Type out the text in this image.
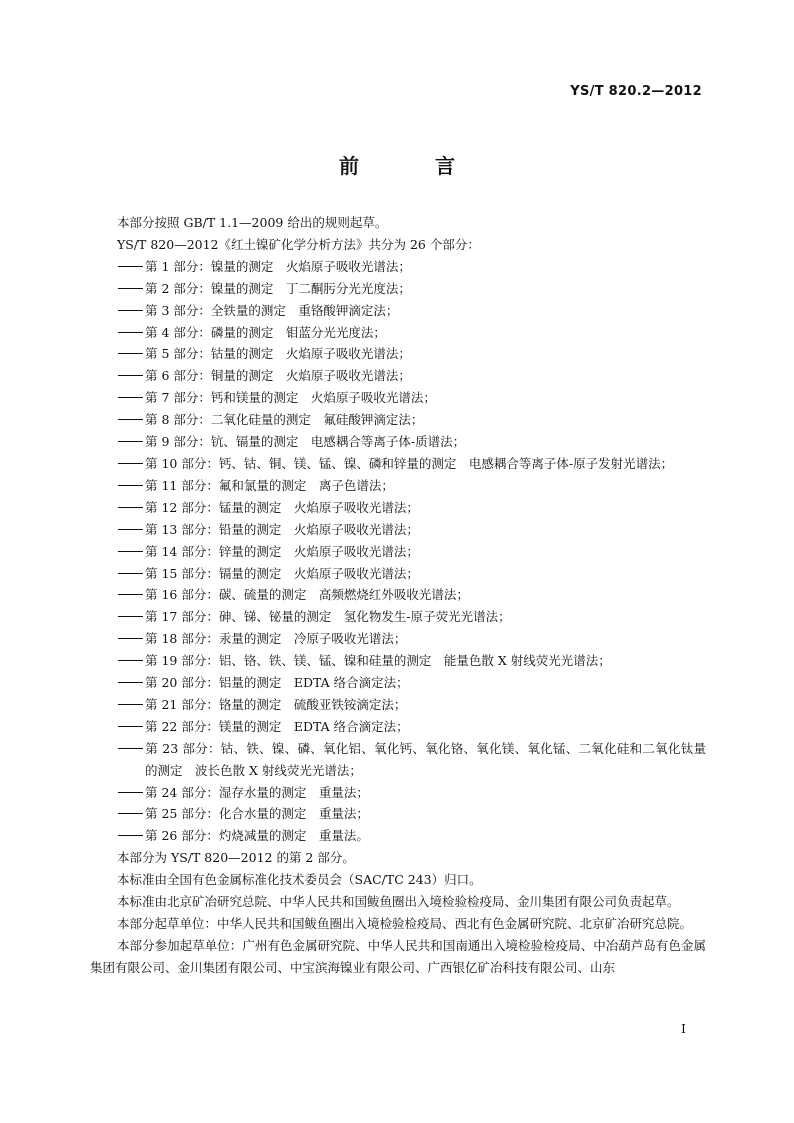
YS/T 820.2—2012
前　言

本部分按照 GB/T 1.1—2009 给出的规则起草。

YS/T 820—2012《红土镍矿化学分析方法》共分为 26 个部分：

第 1 部分：镍量的测定　火焰原子吸收光谱法；
第 2 部分：镍量的测定　丁二酮肟分光光度法；
第 3 部分：全铁量的测定　重铬酸钾滴定法；
第 4 部分：磷量的测定　钼蓝分光光度法；
第 5 部分：钴量的测定　火焰原子吸收光谱法；
第 6 部分：铜量的测定　火焰原子吸收光谱法；
第 7 部分：钙和镁量的测定　火焰原子吸收光谱法；
第 8 部分：二氧化硅量的测定　氟硅酸钾滴定法；
第 9 部分：钪、镉量的测定　电感耦合等离子体-质谱法；
第 10 部分：钙、钴、铜、镁、锰、镍、磷和锌量的测定　电感耦合等离子体-原子发射光谱法；
第 11 部分：氟和氯量的测定　离子色谱法；
第 12 部分：锰量的测定　火焰原子吸收光谱法；
第 13 部分：铅量的测定　火焰原子吸收光谱法；
第 14 部分：锌量的测定　火焰原子吸收光谱法；
第 15 部分：镉量的测定　火焰原子吸收光谱法；
第 16 部分：碳、硫量的测定　高频燃烧红外吸收光谱法；
第 17 部分：砷、锑、铋量的测定　氢化物发生-原子荧光光谱法；
第 18 部分：汞量的测定　冷原子吸收光谱法；
第 19 部分：铝、铬、铁、镁、锰、镍和硅量的测定　能量色散 X 射线荧光光谱法；
第 20 部分：铝量的测定　EDTA 络合滴定法；
第 21 部分：铬量的测定　硫酸亚铁铵滴定法；
第 22 部分：镁量的测定　EDTA 络合滴定法；
第 23 部分：钴、铁、镍、磷、氧化铝、氧化钙、氧化铬、氧化镁、氧化锰、二氧化硅和二氧化钛量的测定　波长色散 X 射线荧光光谱法；
第 24 部分：湿存水量的测定　重量法；
第 25 部分：化合水量的测定　重量法；
第 26 部分：灼烧减量的测定　重量法。

本部分为 YS/T 820—2012 的第 2 部分。

本标准由全国有色金属标准化技术委员会（SAC/TC 243）归口。

本标准由北京矿冶研究总院、中华人民共和国鲅鱼圈出入境检验检疫局、金川集团有限公司负责起草。

本部分起草单位：中华人民共和国鲅鱼圈出入境检验检疫局、西北有色金属研究院、北京矿冶研究总院。

本部分参加起草单位：广州有色金属研究院、中华人民共和国南通出入境检验检疫局、中冶葫芦岛有色金属集团有限公司、金川集团有限公司、中宝滨海镍业有限公司、广西银亿矿冶科技有限公司、山东

I
